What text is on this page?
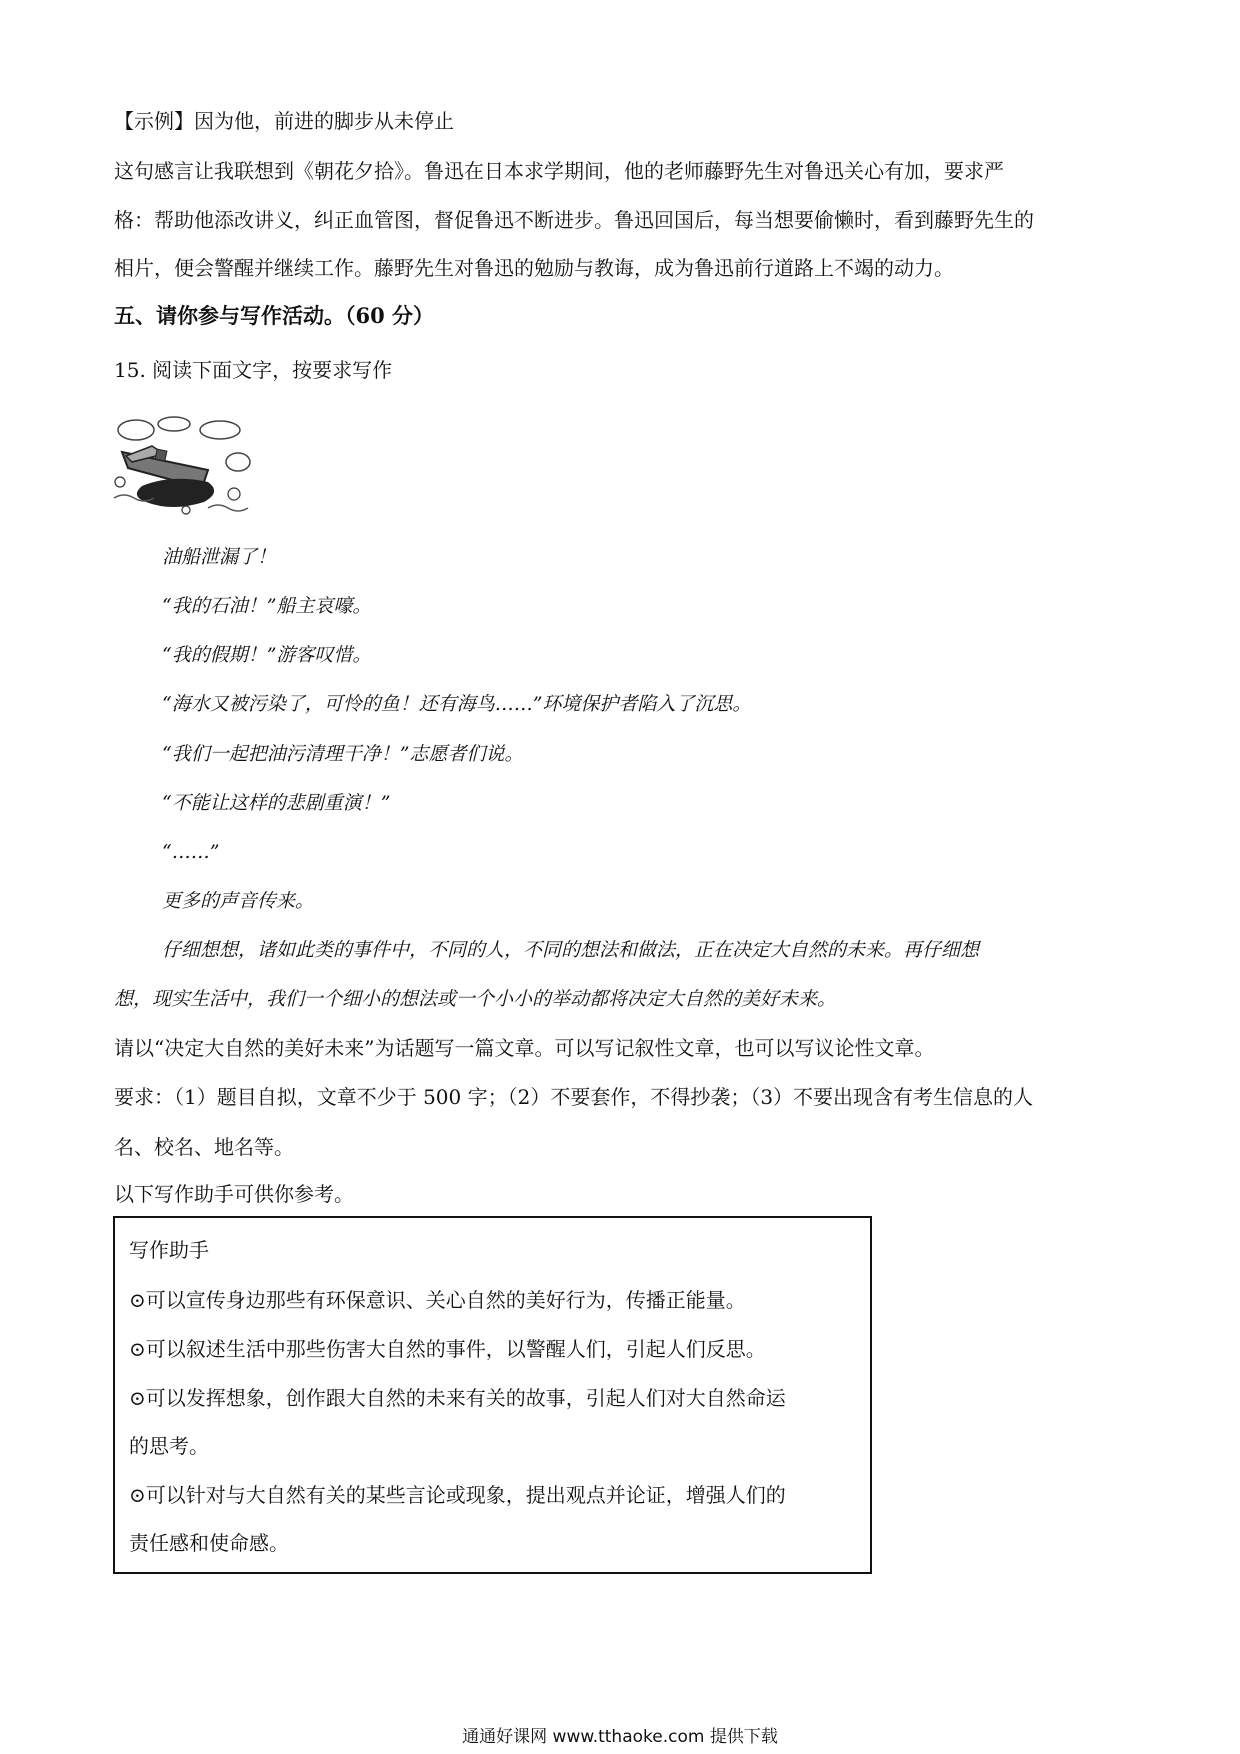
【示例】因为他，前进的脚步从未停止
这句感言让我联想到《朝花夕拾》。鲁迅在日本求学期间，他的老师藤野先生对鲁迅关心有加，要求严
格：帮助他添改讲义，纠正血管图，督促鲁迅不断进步。鲁迅回国后，每当想要偷懒时，看到藤野先生的
相片，便会警醒并继续工作。藤野先生对鲁迅的勉励与教诲，成为鲁迅前行道路上不竭的动力。
五、请你参与写作活动。（60 分）
15. 阅读下面文字，按要求写作
油船泄漏了！
“我的石油！”船主哀嚎。
“我的假期！”游客叹惜。
“海水又被污染了，可怜的鱼！还有海鸟……”环境保护者陷入了沉思。
“我们一起把油污清理干净！”志愿者们说。
“不能让这样的悲剧重演！”
“……”
更多的声音传来。
仔细想想，诸如此类的事件中，不同的人，不同的想法和做法，正在决定大自然的未来。再仔细想
想，现实生活中，我们一个细小的想法或一个小小的举动都将决定大自然的美好未来。
请以“决定大自然的美好未来”为话题写一篇文章。可以写记叙性文章，也可以写议论性文章。
要求：（1）题目自拟，文章不少于 500 字；（2）不要套作，不得抄袭；（3）不要出现含有考生信息的人
名、校名、地名等。
以下写作助手可供你参考。
写作助手
⊙可以宣传身边那些有环保意识、关心自然的美好行为，传播正能量。
⊙可以叙述生活中那些伤害大自然的事件，以警醒人们，引起人们反思。
⊙可以发挥想象，创作跟大自然的未来有关的故事，引起人们对大自然命运
的思考。
⊙可以针对与大自然有关的某些言论或现象，提出观点并论证，增强人们的
责任感和使命感。
通通好课网 www.tthaoke.com 提供下载
